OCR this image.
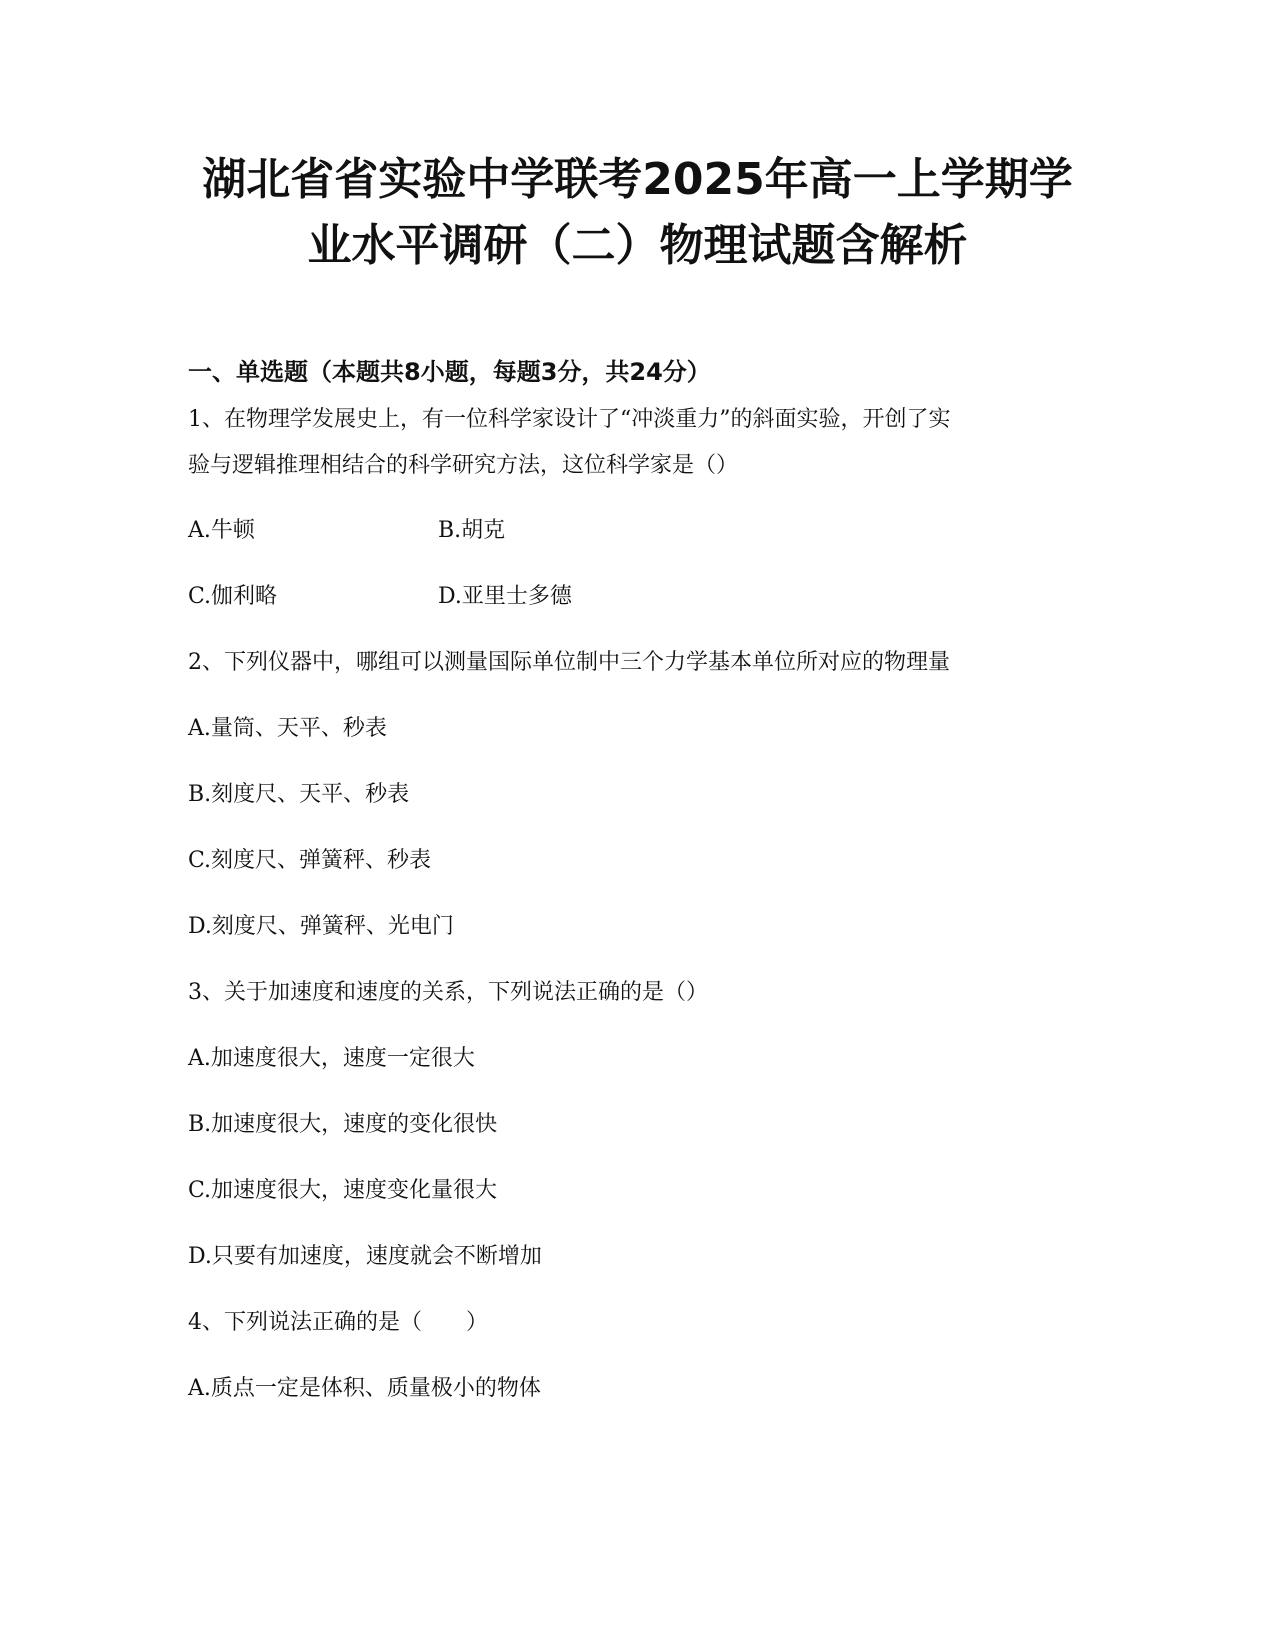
湖北省省实验中学联考2025年高一上学期学
业水平调研（二）物理试题含解析
一、单选题（本题共8小题，每题3分，共24分）
1、在物理学发展史上，有一位科学家设计了“冲淡重力”的斜面实验，开创了实
验与逻辑推理相结合的科学研究方法，这位科学家是（）
A.牛顿	B.胡克
C.伽利略	D.亚里士多德
2、下列仪器中，哪组可以测量国际单位制中三个力学基本单位所对应的物理量
A.量筒、天平、秒表
B.刻度尺、天平、秒表
C.刻度尺、弹簧秤、秒表
D.刻度尺、弹簧秤、光电门
3、关于加速度和速度的关系，下列说法正确的是（）
A.加速度很大，速度一定很大
B.加速度很大，速度的变化很快
C.加速度很大，速度变化量很大
D.只要有加速度，速度就会不断增加
4、下列说法正确的是（　　）
A.质点一定是体积、质量极小的物体
